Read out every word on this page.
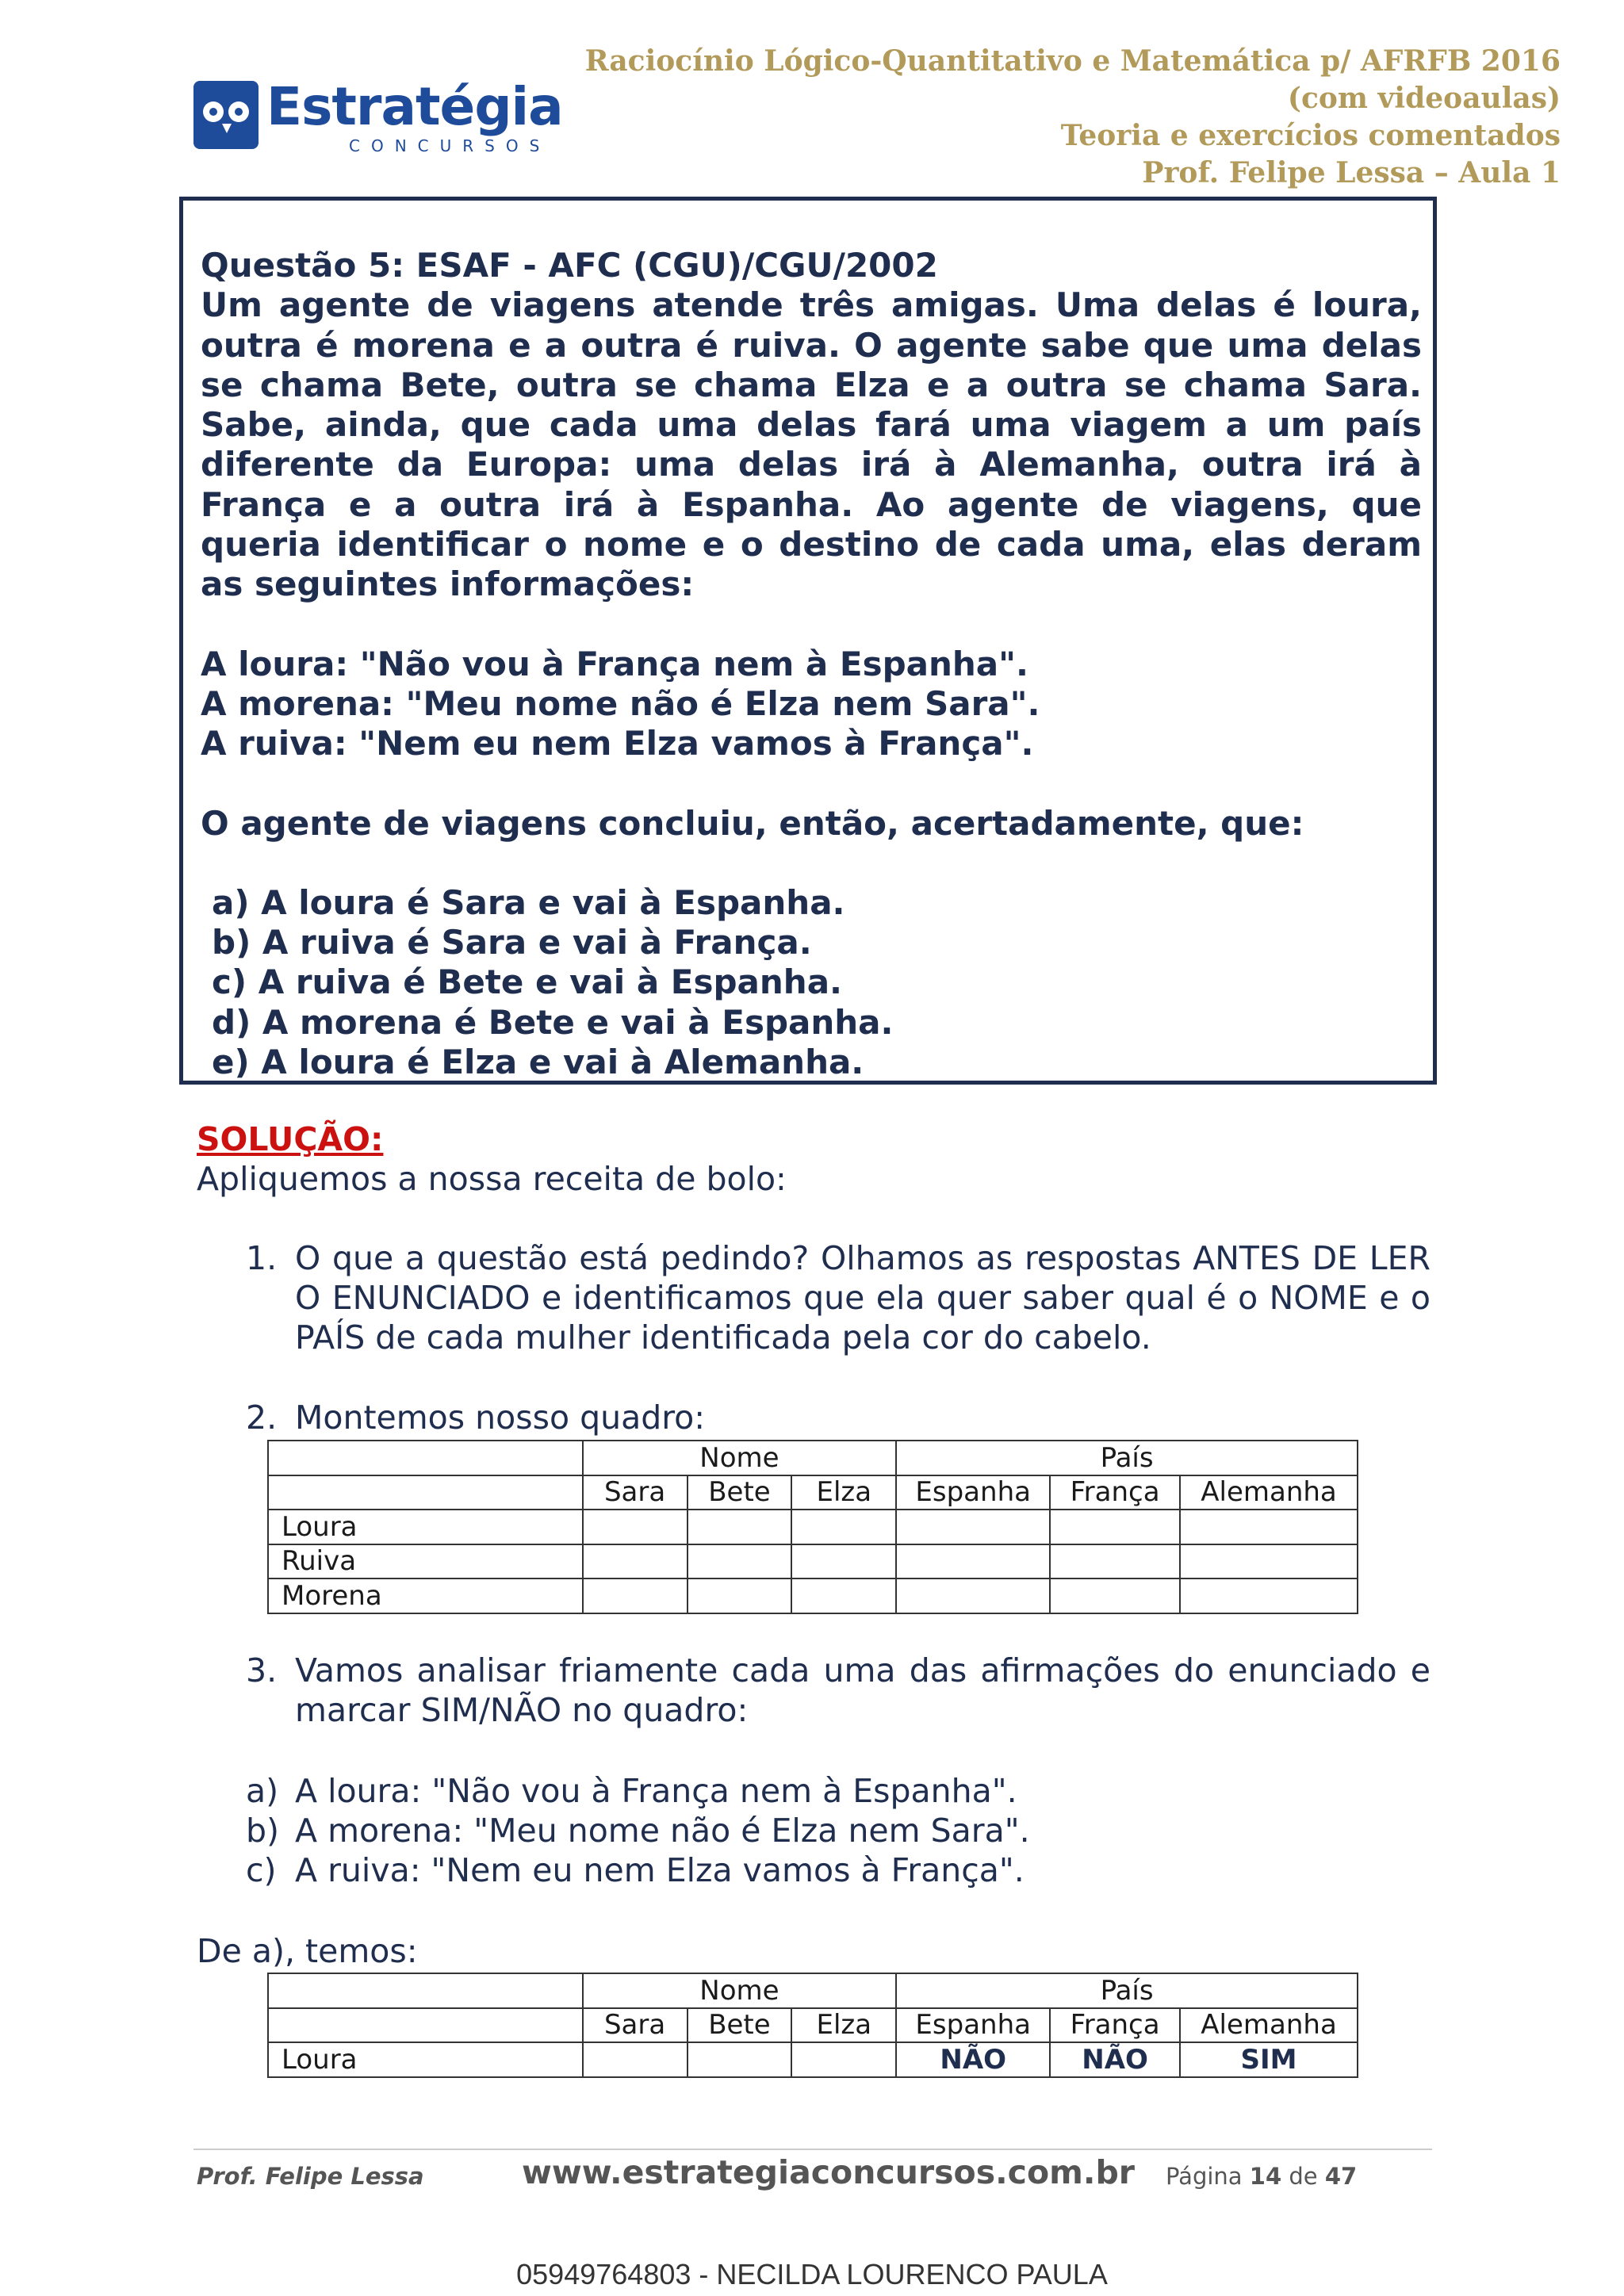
Estratégia
CONCURSOS
Raciocínio Lógico-Quantitativo e Matemática p/ AFRFB 2016
(com videoaulas)
Teoria e exercícios comentados
Prof. Felipe Lessa – Aula 1
Questão 5: ESAF - AFC (CGU)/CGU/2002

Um agente de viagens atende três amigas. Uma delas é loura, outra é morena e a outra é ruiva. O agente sabe que uma delas se chama Bete, outra se chama Elza e a outra se chama Sara. Sabe, ainda, que cada uma delas fará uma viagem a um país diferente da Europa: uma delas irá à Alemanha, outra irá à França e a outra irá à Espanha. Ao agente de viagens, que queria identificar o nome e o destino de cada uma, elas deram as seguintes informações:

A loura: "Não vou à França nem à Espanha".
A morena: "Meu nome não é Elza nem Sara".
A ruiva: "Nem eu nem Elza vamos à França".
O agente de viagens concluiu, então, acertadamente, que:
a) A loura é Sara e vai à Espanha.
b) A ruiva é Sara e vai à França.
c) A ruiva é Bete e vai à Espanha.
d) A morena é Bete e vai à Espanha.
e) A loura é Elza e vai à Alemanha.
SOLUÇÃO:
Apliquemos a nossa receita de bolo:
1. O que a questão está pedindo? Olhamos as respostas ANTES DE LER O ENUNCIADO e identificamos que ela quer saber qual é o NOME e o PAÍS de cada mulher identificada pela cor do cabelo.
2. Montemos nosso quadro:
	Nome			País		
	Sara	Bete	Elza	Espanha	França	Alemanha
Loura						
Ruiva						
Morena						
3. Vamos analisar friamente cada uma das afirmações do enunciado e marcar SIM/NÃO no quadro:
a) A loura: "Não vou à França nem à Espanha".
b) A morena: "Meu nome não é Elza nem Sara".
c) A ruiva: "Nem eu nem Elza vamos à França".
De a), temos:
	Nome			País		
	Sara	Bete	Elza	Espanha	França	Alemanha
Loura				NÃO	NÃO	SIM
Prof. Felipe Lessa	www.estrategiaconcursos.com.br Página 14 de 47
05949764803 - NECILDA LOURENCO PAULA
